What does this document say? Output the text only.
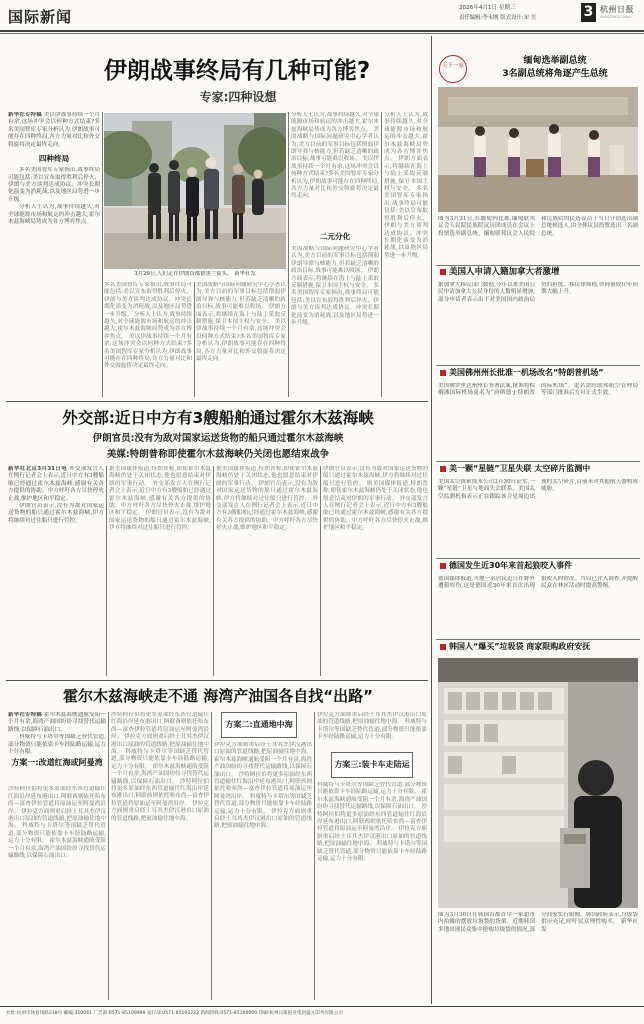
国际新闻	2026年4月1日 星期三
责任编辑:李永刚 版式设计:宋 昱	3 杭州日报
HANGZHOU DAILY
伊朗战事终局有几种可能?
专家:四种设想
新华社专特稿 美以伊战事持续一个月有余,这场冲突会以何种方式结束?多名美国智库专家分析认为,伊朗战事可能存在四种终局,各方力量对比和外交斡旋将决定最终走向。
四种终局
多名美国智库专家指出,战事终局可能包括:美以宣布取得胜利后停火、伊朗与美方谈判达成协议、冲突长期化演变为消耗战,以及地区局势进一步升级。
分析人士认为,战事持续越久,对全球能源市场和航运的冲击越大,霍尔木兹海峡局势成为各方博弈焦点。
3月29日,人们走在伊朗首都德黑兰街头。 新华社发
多名美国智库专家指出,战事终局可能包括:美以宣布取得胜利后停火、伊朗与美方谈判达成协议、冲突长期化演变为消耗战,以及地区局势进一步升级。 分析人士认为,战事持续越久,对全球能源市场和航运的冲击越大,霍尔木兹海峡局势成为各方博弈焦点。 美以伊战事持续一个月有余,这场冲突会以何种方式结束?多名美国智库专家分析认为,伊朗战事可能存在四种终局,各方力量对比和外交斡旋将决定最终走向。
美国战略与国际问题研究中心学者认为,美方目前的军事目标包括削弱伊朗导弹与核能力,但若缺乏清晰的政治目标,战事可能难以收场。 伊朗方面表示,将继续在海上与陆上采取反制措施,保卫本国主权与安全。 美以伊战事持续一个月有余,这场冲突会以何种方式结束?多名美国智库专家分析认为,伊朗战事可能存在四种终局,各方力量对比和外交斡旋将决定最终走向。
分析人士认为,战事持续越久,对全球能源市场和航运的冲击越大,霍尔木兹海峡局势成为各方博弈焦点。 美国战略与国际问题研究中心学者认为,美方目前的军事目标包括削弱伊朗导弹与核能力,但若缺乏清晰的政治目标,战事可能难以收场。 美以伊战事持续一个月有余,这场冲突会以何种方式结束?多名美国智库专家分析认为,伊朗战事可能存在四种终局,各方力量对比和外交斡旋将决定最终走向。
二元分化
美国战略与国际问题研究中心学者认为,美方目前的军事目标包括削弱伊朗导弹与核能力,但若缺乏清晰的政治目标,战事可能难以收场。 伊朗方面表示,将继续在海上与陆上采取反制措施,保卫本国主权与安全。 多名美国智库专家指出,战事终局可能包括:美以宣布取得胜利后停火、伊朗与美方谈判达成协议、冲突长期化演变为消耗战,以及地区局势进一步升级。
分析人士认为,战事持续越久,对全球能源市场和航运的冲击越大,霍尔木兹海峡局势成为各方博弈焦点。 伊朗方面表示,将继续在海上与陆上采取反制措施,保卫本国主权与安全。 多名美国智库专家指出,战事终局可能包括:美以宣布取得胜利后停火、伊朗与美方谈判达成协议、冲突长期化演变为消耗战,以及地区局势进一步升级。
外交部:近日中方有3艘船舶通过霍尔木兹海峡
伊朗官员:没有为敌对国家运送货物的船只通过霍尔木兹海峡
美媒:特朗普称即使霍尔木兹海峡仍关闭也愿结束战争
新华社北京3月31日电 外交部发言人在例行记者会上表示,近日中方有3艘船舶已经通过霍尔木兹海峡,感谢有关各方提供的协助。中方呼吁各方尽快停火止战,维护地区和平稳定。
伊朗官员表示,没有为敌对国家运送货物的船只通过霍尔木兹海峡,伊方将继续对过往船只进行管控。
据美国媒体报道,特朗普称,即使霍尔木兹海峡仍处于关闭状态,他也愿意结束对伊朗的军事行动。 外交部发言人在例行记者会上表示,近日中方有3艘船舶已经通过霍尔木兹海峡,感谢有关各方提供的协助。中方呼吁各方尽快停火止战,维护地区和平稳定。 伊朗官员表示,没有为敌对国家运送货物的船只通过霍尔木兹海峡,伊方将继续对过往船只进行管控。
据美国媒体报道,特朗普称,即使霍尔木兹海峡仍处于关闭状态,他也愿意结束对伊朗的军事行动。 伊朗官员表示,没有为敌对国家运送货物的船只通过霍尔木兹海峡,伊方将继续对过往船只进行管控。 外交部发言人在例行记者会上表示,近日中方有3艘船舶已经通过霍尔木兹海峡,感谢有关各方提供的协助。中方呼吁各方尽快停火止战,维护地区和平稳定。
伊朗官员表示,没有为敌对国家运送货物的船只通过霍尔木兹海峡,伊方将继续对过往船只进行管控。 据美国媒体报道,特朗普称,即使霍尔木兹海峡仍处于关闭状态,他也愿意结束对伊朗的军事行动。 外交部发言人在例行记者会上表示,近日中方有3艘船舶已经通过霍尔木兹海峡,感谢有关各方提供的协助。中方呼吁各方尽快停火止战,维护地区和平稳定。
霍尔木兹海峡走不通 海湾产油国各自找“出路”
新华社专特稿 霍尔木兹海峡通航受阻一个月有余,海湾产油国纷纷寻找替代运输路线,以保障石油出口。
科威特与卡塔尔等国缺乏替代管道,部分物资只能依靠卡车经陆路运输,运力十分有限。
方案一:改道红海或阿曼湾
沙特阿拉伯将更多原油经东西管道输往红海沿岸延布港出口,阿联酋则依托哈布尚—富查伊拉管道将原油运至阿曼湾沿岸。 伊拉克方面则重启经土耳其杰伊汉港出口原油的管道线路,把原油输往地中海。 科威特与卡塔尔等国缺乏替代管道,部分物资只能依靠卡车经陆路运输,运力十分有限。 霍尔木兹海峡通航受阻一个月有余,海湾产油国纷纷寻找替代运输路线,以保障石油出口。
沙特阿拉伯将更多原油经东西管道输往红海沿岸延布港出口,阿联酋则依托哈布尚—富查伊拉管道将原油运至阿曼湾沿岸。 伊拉克方面则重启经土耳其杰伊汉港出口原油的管道线路,把原油输往地中海。 科威特与卡塔尔等国缺乏替代管道,部分物资只能依靠卡车经陆路运输,运力十分有限。 霍尔木兹海峡通航受阻一个月有余,海湾产油国纷纷寻找替代运输路线,以保障石油出口。 沙特阿拉伯将更多原油经东西管道输往红海沿岸延布港出口,阿联酋则依托哈布尚—富查伊拉管道将原油运至阿曼湾沿岸。 伊拉克方面则重启经土耳其杰伊汉港出口原油的管道线路,把原油输往地中海。
方案二:直通地中海
伊拉克方面则重启经土耳其杰伊汉港出口原油的管道线路,把原油输往地中海。 霍尔木兹海峡通航受阻一个月有余,海湾产油国纷纷寻找替代运输路线,以保障石油出口。 沙特阿拉伯将更多原油经东西管道输往红海沿岸延布港出口,阿联酋则依托哈布尚—富查伊拉管道将原油运至阿曼湾沿岸。 科威特与卡塔尔等国缺乏替代管道,部分物资只能依靠卡车经陆路运输,运力十分有限。 伊拉克方面则重启经土耳其杰伊汉港出口原油的管道线路,把原油输往地中海。
伊拉克方面则重启经土耳其杰伊汉港出口原油的管道线路,把原油输往地中海。 科威特与卡塔尔等国缺乏替代管道,部分物资只能依靠卡车经陆路运输,运力十分有限。
方案三:装卡车走陆运
科威特与卡塔尔等国缺乏替代管道,部分物资只能依靠卡车经陆路运输,运力十分有限。 霍尔木兹海峡通航受阻一个月有余,海湾产油国纷纷寻找替代运输路线,以保障石油出口。 沙特阿拉伯将更多原油经东西管道输往红海沿岸延布港出口,阿联酋则依托哈布尚—富查伊拉管道将原油运至阿曼湾沿岸。 伊拉克方面则重启经土耳其杰伊汉港出口原油的管道线路,把原油输往地中海。 科威特与卡塔尔等国缺乏替代管道,部分物资只能依靠卡车经陆路运输,运力十分有限。
天下一家	缅甸选举副总统
3名副总统将角逐产生总统
图为3月31日,在缅甸内比都,缅甸联邦议会人民院民族院议员团成员在会议上投票选举副总统。缅甸联邦议会人民院和民族院的民选议员于当日分别选出副总统候选人,由全体议员投票选出三名副总统。
美国人申请入籍加拿大者激增
据加拿大移民部门数据,今年以来美国公民申请加拿大公民身份的人数明显增加,部分申请者表示出于对美国国内政治局势的担忧。移民律师称,咨询量较往年同期大幅上升。
美国佛州州长批准一机场改名“特朗普机场”
美国佛罗里达州州长签署法案,批准将棕榈滩国际机场更名为“唐纳德·J·特朗普国际机场”。更名需经联邦航空管理局等部门批准后方可正式生效。
美一颗“星链”卫星失联 太空碎片监测中
美国太空探索技术公司3月30日证实,一颗“星链”卫星与地面失去联系。美国太空监测机构表示正在跟踪该卫星周边出现的太空碎片,目前未对其他航天器构成威胁。
德国发生近30年来首起狼咬人事件
德国媒体报道,当地一名居民近日在野外遭狼咬伤,这是德国近30年来首次出现狼咬人的情况。当局已介入调查,并提醒民众在林区活动时提高警惕。
韩国人“爆买”垃圾袋 商家限购政府安抚
图为3月30日在韩国首都首尔一家超市内拍摄的摆放垃圾袋的货架。近期韩国多地出现民众集中抢购垃圾袋的情况,部分商家实行限购。韩国政府表示,垃圾袋供应充足,呼吁民众理性购买。 新华社发
社址:杭州市体育场路218号 邮编:310041 广告部:0571-85109999 发行部:0571-85102222 新闻热线:0571-85100000 印刷:杭州日报报业集团盛元印务有限公司
